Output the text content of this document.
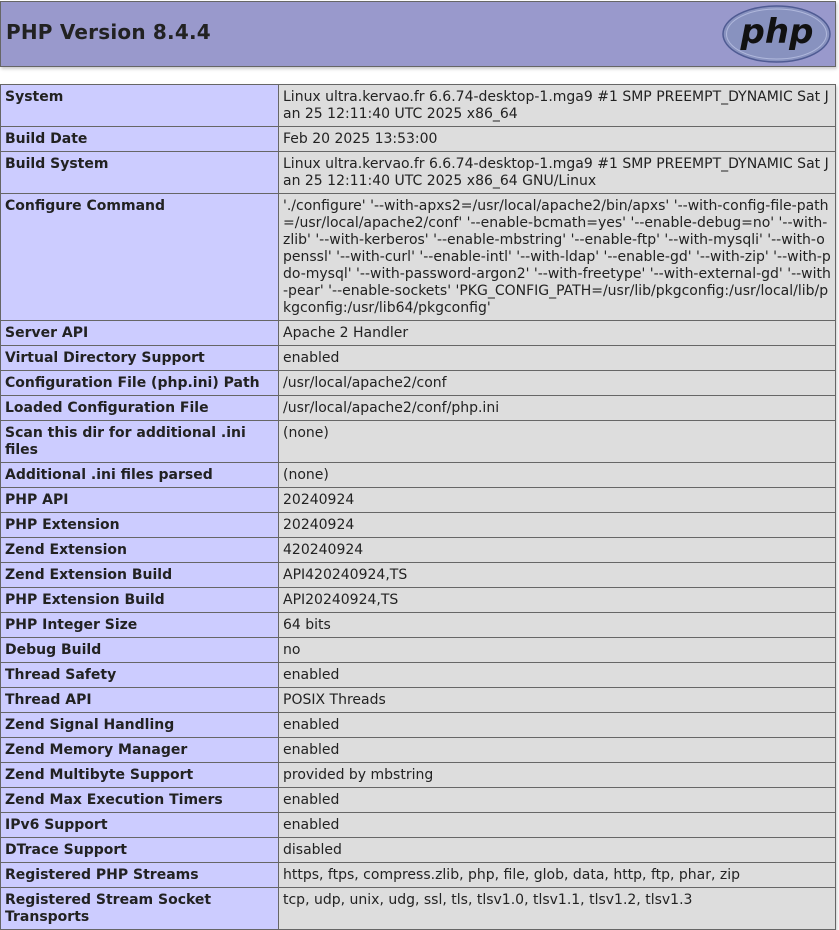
PHP Version 8.4.4	php
System	Linux ultra.kervao.fr 6.6.74-desktop-1.mga9 #1 SMP PREEMPT_DYNAMIC Sat Jan 25 12:11:40 UTC 2025 x86_64
Build Date	Feb 20 2025 13:53:00
Build System	Linux ultra.kervao.fr 6.6.74-desktop-1.mga9 #1 SMP PREEMPT_DYNAMIC Sat Jan 25 12:11:40 UTC 2025 x86_64 GNU/Linux
Configure Command	'./configure' '--with-apxs2=/usr/local/apache2/bin/apxs' '--with-config-file-path=/usr/local/apache2/conf' '--enable-bcmath=yes' '--enable-debug=no' '--with-zlib' '--with-kerberos' '--enable-mbstring' '--enable-ftp' '--with-mysqli' '--with-openssl' '--with-curl' '--enable-intl' '--with-ldap' '--enable-gd' '--with-zip' '--with-pdo-mysql' '--with-password-argon2' '--with-freetype' '--with-external-gd' '--with-pear' '--enable-sockets' 'PKG_CONFIG_PATH=/usr/lib/pkgconfig:/usr/local/lib/pkgconfig:/usr/lib64/pkgconfig'
Server API	Apache 2 Handler
Virtual Directory Support	enabled
Configuration File (php.ini) Path	/usr/local/apache2/conf
Loaded Configuration File	/usr/local/apache2/conf/php.ini
Scan this dir for additional .ini files	(none)
Additional .ini files parsed	(none)
PHP API	20240924
PHP Extension	20240924
Zend Extension	420240924
Zend Extension Build	API420240924,TS
PHP Extension Build	API20240924,TS
PHP Integer Size	64 bits
Debug Build	no
Thread Safety	enabled
Thread API	POSIX Threads
Zend Signal Handling	enabled
Zend Memory Manager	enabled
Zend Multibyte Support	provided by mbstring
Zend Max Execution Timers	enabled
IPv6 Support	enabled
DTrace Support	disabled
Registered PHP Streams	https, ftps, compress.zlib, php, file, glob, data, http, ftp, phar, zip
Registered Stream Socket Transports	tcp, udp, unix, udg, ssl, tls, tlsv1.0, tlsv1.1, tlsv1.2, tlsv1.3
